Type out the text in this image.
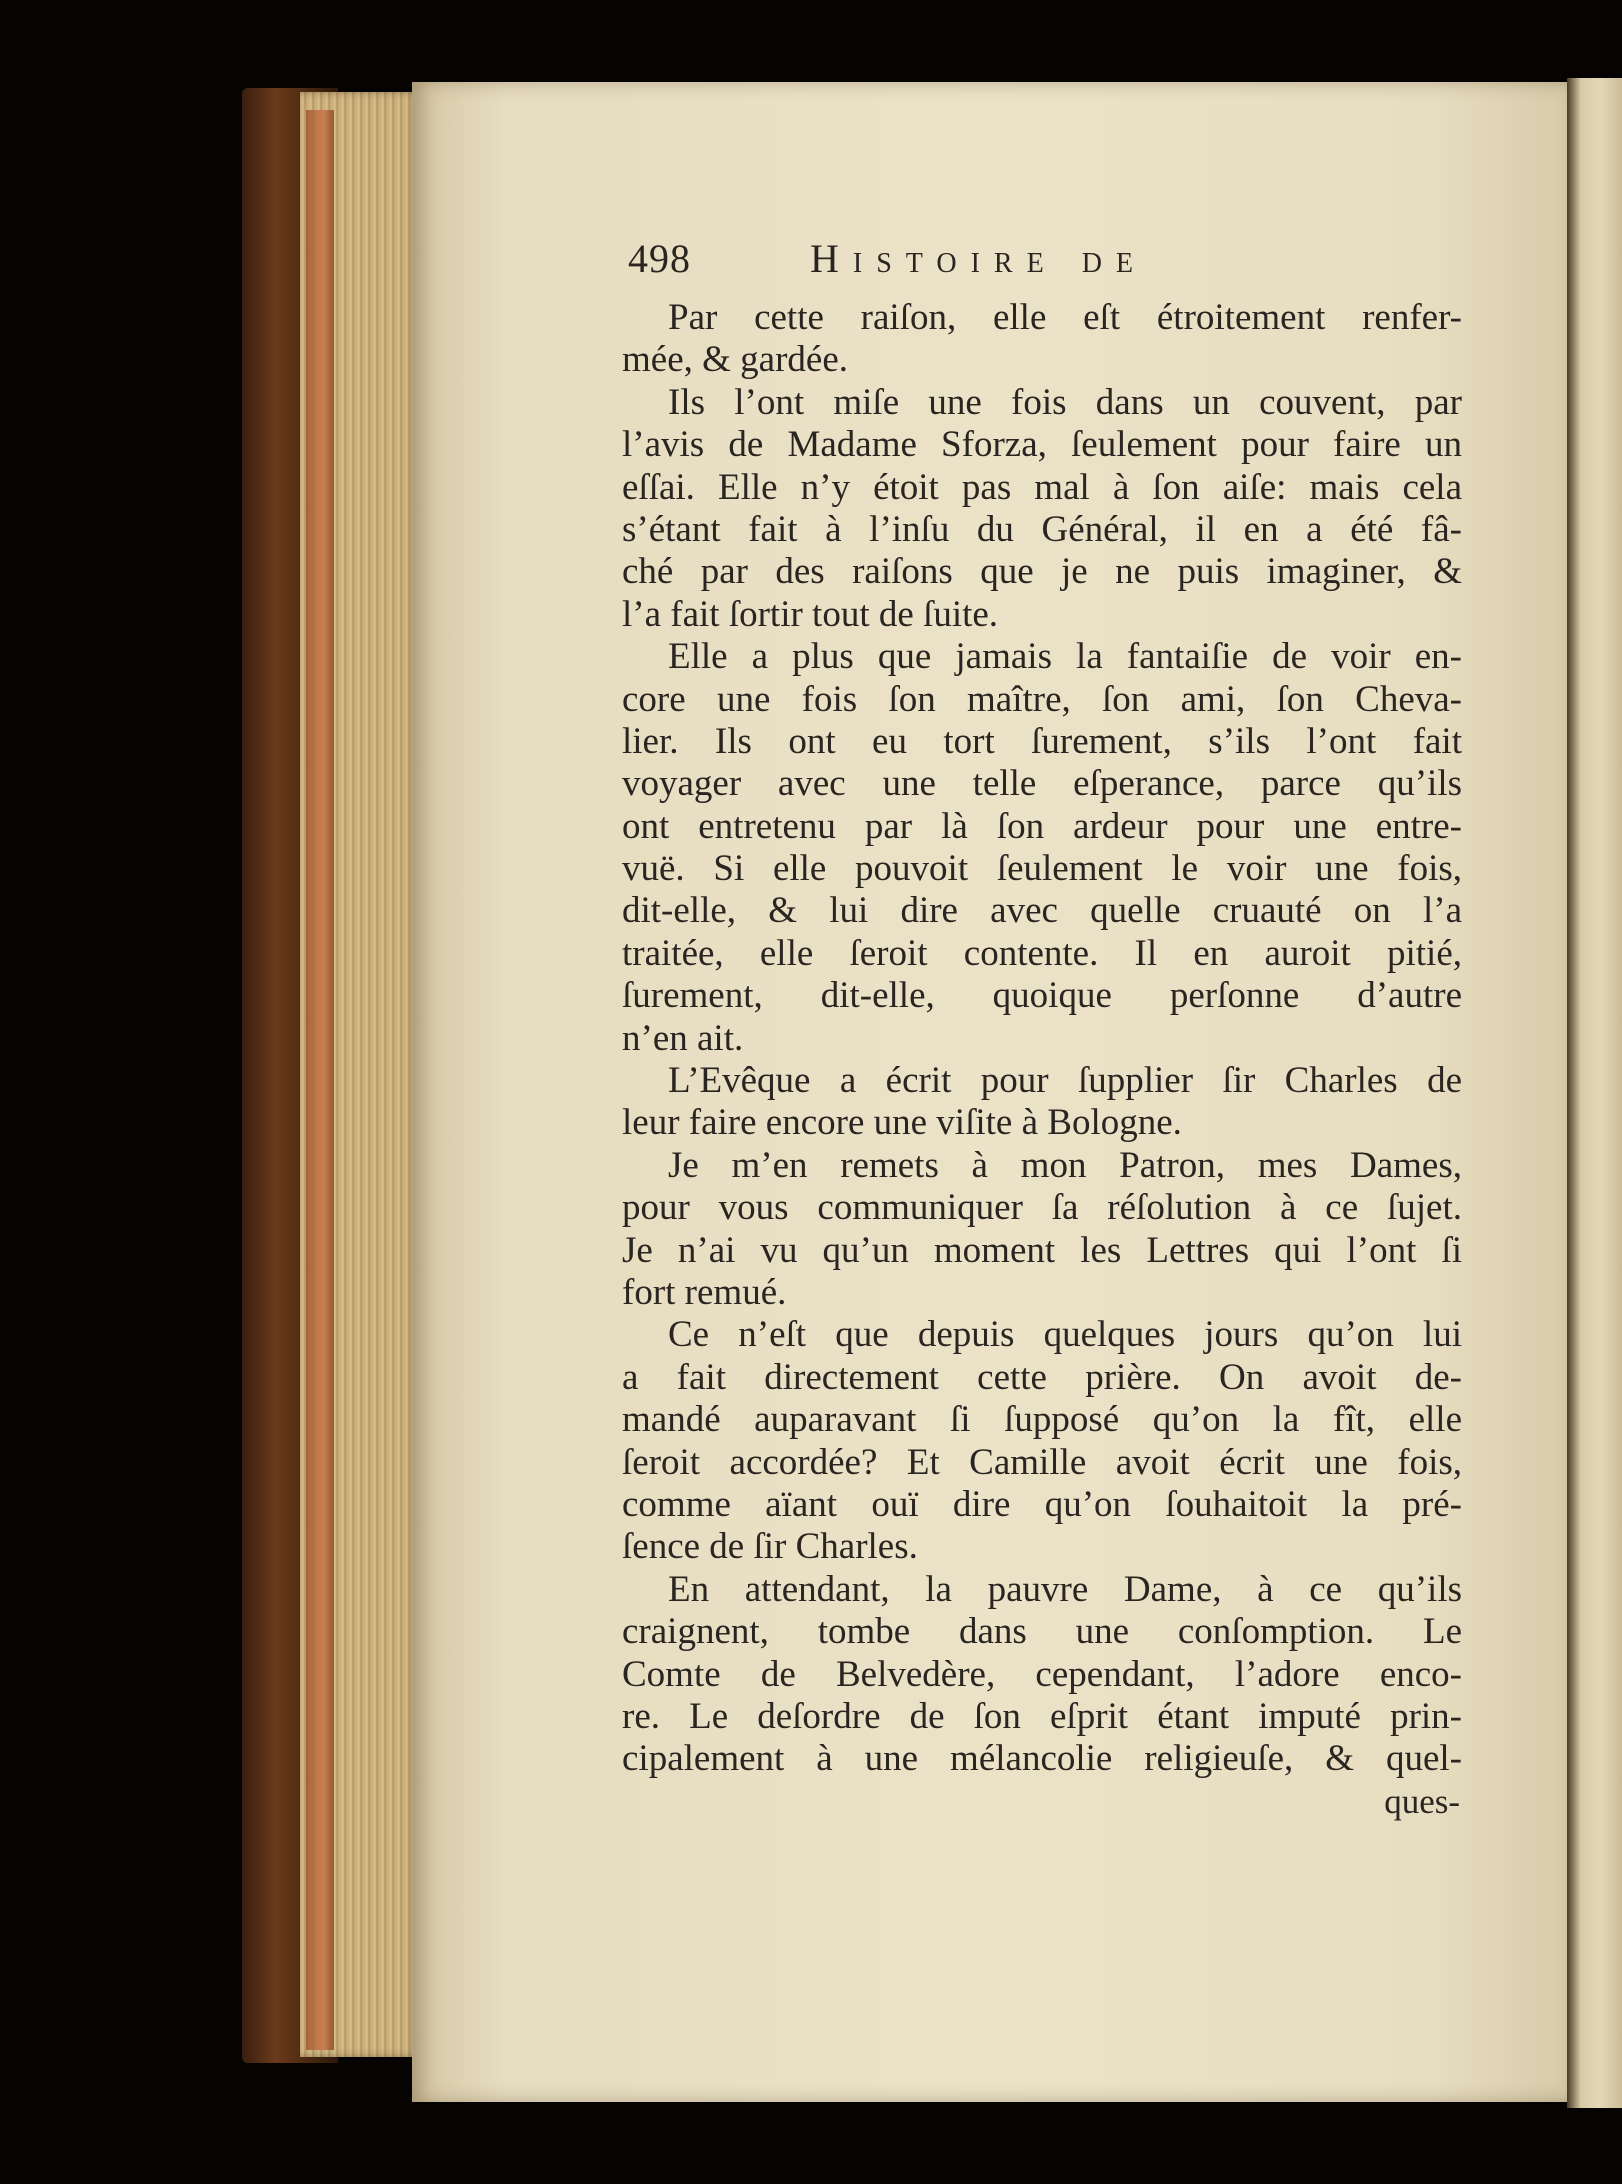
498	Histoire de
Par cette raiſon, elle eſt étroitement renfer-
mée, & gardée.
Ils l’ont miſe une fois dans un couvent, par
l’avis de Madame Sforza, ſeulement pour faire un
eſſai. Elle n’y étoit pas mal à ſon aiſe: mais cela
s’étant fait à l’inſu du Général, il en a été fâ-
ché par des raiſons que je ne puis imaginer, &
l’a fait ſortir tout de ſuite.
Elle a plus que jamais la fantaiſie de voir en-
core une fois ſon maître, ſon ami, ſon Cheva-
lier. Ils ont eu tort ſurement, s’ils l’ont fait
voyager avec une telle eſperance, parce qu’ils
ont entretenu par là ſon ardeur pour une entre-
vuë. Si elle pouvoit ſeulement le voir une fois,
dit-elle, & lui dire avec quelle cruauté on l’a
traitée, elle ſeroit contente. Il en auroit pitié,
ſurement, dit-elle, quoique perſonne d’autre
n’en ait.
L’Evêque a écrit pour ſupplier ſir Charles de
leur faire encore une viſite à Bologne.
Je m’en remets à mon Patron, mes Dames,
pour vous communiquer ſa réſolution à ce ſujet.
Je n’ai vu qu’un moment les Lettres qui l’ont ſi
fort remué.
Ce n’eſt que depuis quelques jours qu’on lui
a fait directement cette prière. On avoit de-
mandé auparavant ſi ſupposé qu’on la fît, elle
ſeroit accordée? Et Camille avoit écrit une fois,
comme aïant ouï dire qu’on ſouhaitoit la pré-
ſence de ſir Charles.
En attendant, la pauvre Dame, à ce qu’ils
craignent, tombe dans une conſomption. Le
Comte de Belvedère, cependant, l’adore enco-
re. Le deſordre de ſon eſprit étant imputé prin-
cipalement à une mélancolie religieuſe, & quel-
ques-
